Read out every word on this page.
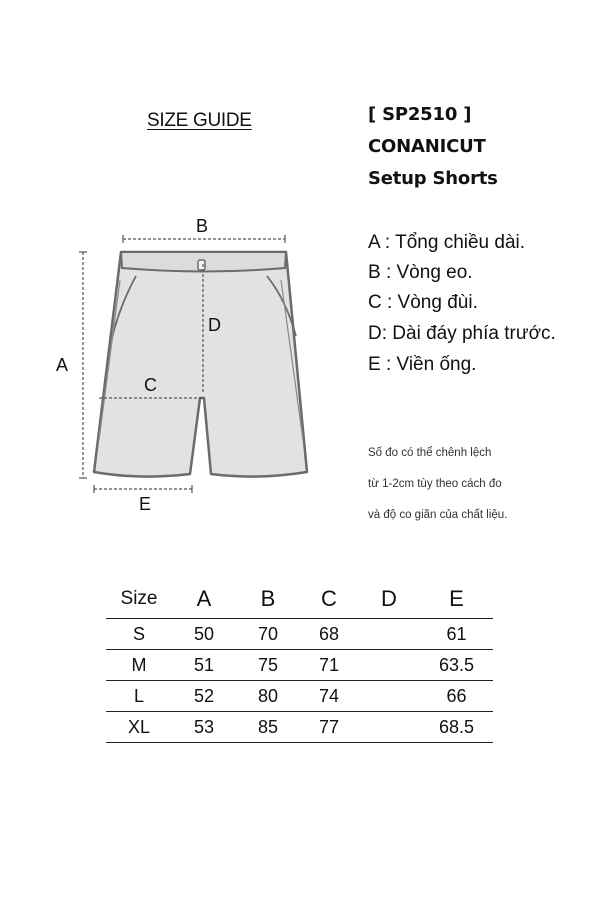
SIZE GUIDE	[ SP2510 ]
CONANICUT
Setup Shorts
A
B
C
D
E
A : Tổng chiều dài.
B : Vòng eo.
C : Vòng đùi.
D: Dài đáy phía trước.
E : Viền ống.
Số đo có thể chênh lệch
từ 1-2cm tùy theo cách đo
và độ co giãn của chất liệu.
Size	A	B	C	D	E
S	50	70	68		61
M	51	75	71		63.5
L	52	80	74		66
XL	53	85	77		68.5
